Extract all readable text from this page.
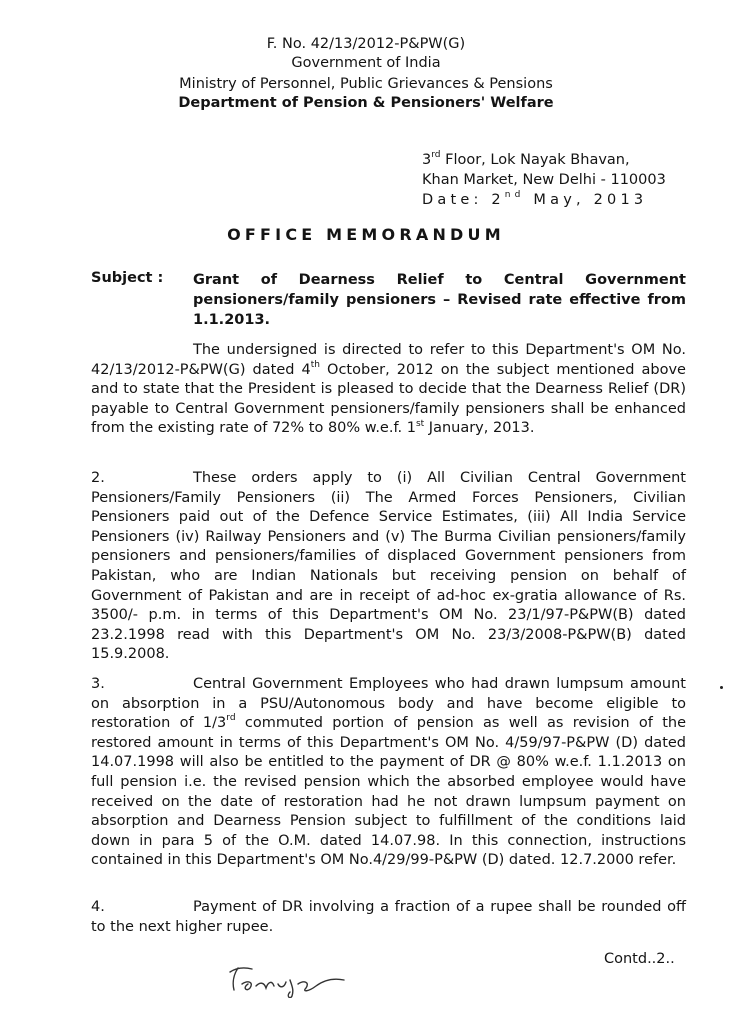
F. No. 42/13/2012-P&PW(G)
Government of India
Ministry of Personnel, Public Grievances & Pensions
Department of Pension & Pensioners' Welfare
3rd Floor, Lok Nayak Bhavan,
Khan Market, New Delhi - 110003
Date: 2nd May, 2013
OFFICE MEMORANDUM
Subject : Grant of Dearness Relief to Central Government pensioners/family pensioners – Revised rate effective from 1.1.2013.
The undersigned is directed to refer to this Department's OM No. 42/13/2012-P&PW(G) dated 4th October, 2012 on the subject mentioned above and to state that the President is pleased to decide that the Dearness Relief (DR) payable to Central Government pensioners/family pensioners shall be enhanced from the existing rate of 72% to 80% w.e.f. 1st January, 2013.
2.	These orders apply to (i) All Civilian Central Government Pensioners/Family Pensioners (ii) The Armed Forces Pensioners, Civilian Pensioners paid out of the Defence Service Estimates, (iii) All India Service Pensioners (iv) Railway Pensioners and (v) The Burma Civilian pensioners/family pensioners and pensioners/families of displaced Government pensioners from Pakistan, who are Indian Nationals but receiving pension on behalf of Government of Pakistan and are in receipt of ad-hoc ex-gratia allowance of Rs. 3500/- p.m. in terms of this Department's OM No. 23/1/97-P&PW(B) dated 23.2.1998 read with this Department's OM No. 23/3/2008-P&PW(B) dated 15.9.2008.
3.	Central Government Employees who had drawn lumpsum amount on absorption in a PSU/Autonomous body and have become eligible to restoration of 1/3rd commuted portion of pension as well as revision of the restored amount in terms of this Department's OM No. 4/59/97-P&PW (D) dated 14.07.1998 will also be entitled to the payment of DR @ 80% w.e.f. 1.1.2013 on full pension i.e. the revised pension which the absorbed employee would have received on the date of restoration had he not drawn lumpsum payment on absorption and Dearness Pension subject to fulfillment of the conditions laid down in para 5 of the O.M. dated 14.07.98. In this connection, instructions contained in this Department's OM No.4/29/99-P&PW (D) dated. 12.7.2000 refer.
4.	Payment of DR involving a fraction of a rupee shall be rounded off to the next higher rupee.
Contd..2..
